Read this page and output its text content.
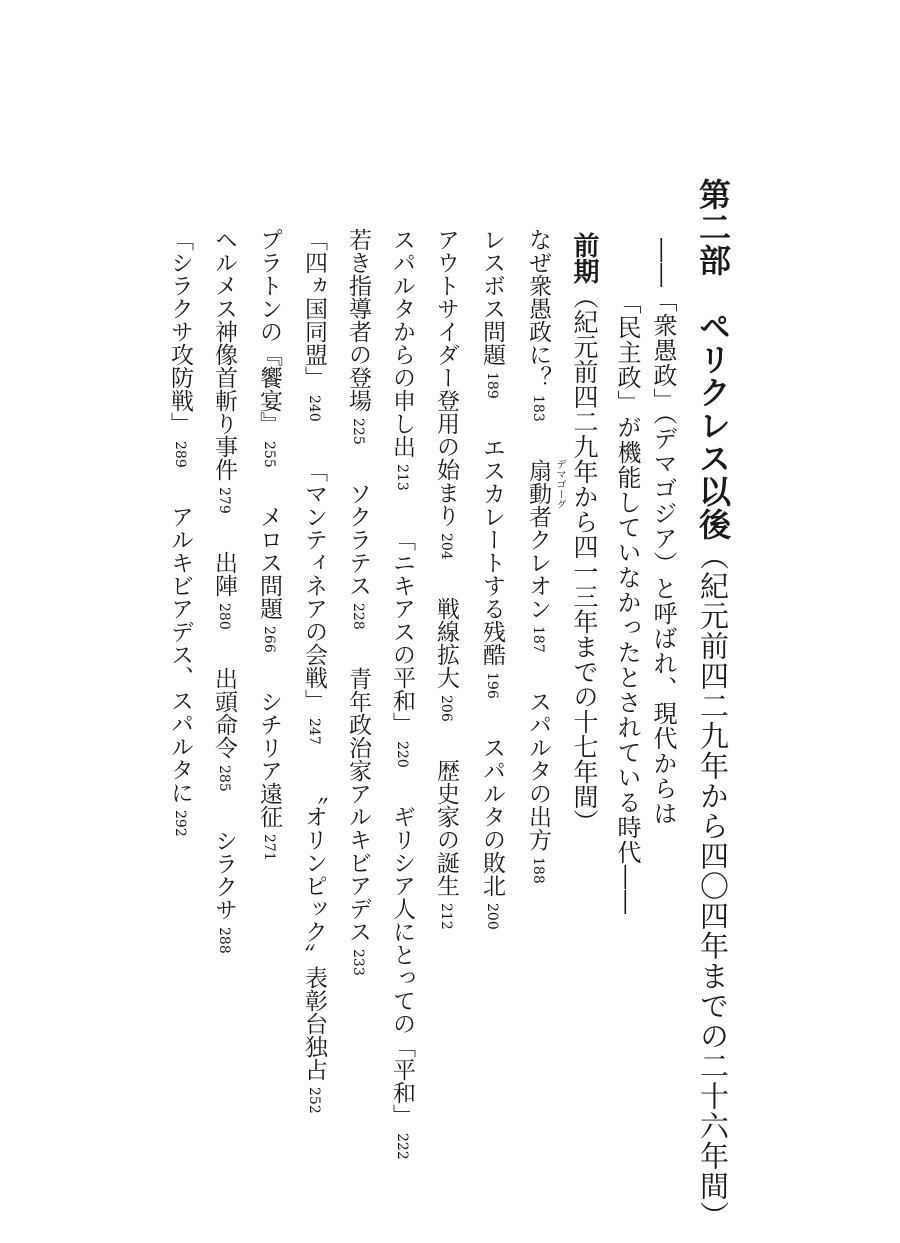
第二部　ペリクレス以後（紀元前四二九年から四〇四年までの二十六年間）
――「衆愚政」（デマゴジア）と呼ばれ、現代からは
「民主政」が機能していなかったとされている時代――
前期（紀元前四二九年から四一三年までの十七年間）
なぜ衆愚政に？183 扇動者クレオン デマゴーグ
187 スパルタの出方188
レスボス問題189 エスカレートする残酷196 スパルタの敗北200
アウトサイダー登用の始まり204 戦線拡大206 歴史家の誕生212
スパルタからの申し出213 「ニキアスの平和」220 ギリシア人にとっての「平和」222
若き指導者の登場225 ソクラテス228 青年政治家アルキビアデス233
「四ヵ国同盟」240 「マンティネアの会戦」247 〝オリンピック〟表彰台独占252
プラトンの『饗宴』255 メロス問題266 シチリア遠征271
ヘルメス神像首斬り事件279 出陣280 出頭命令285 シラクサ288
「シラクサ攻防戦」289 アルキビアデス、スパルタに292
